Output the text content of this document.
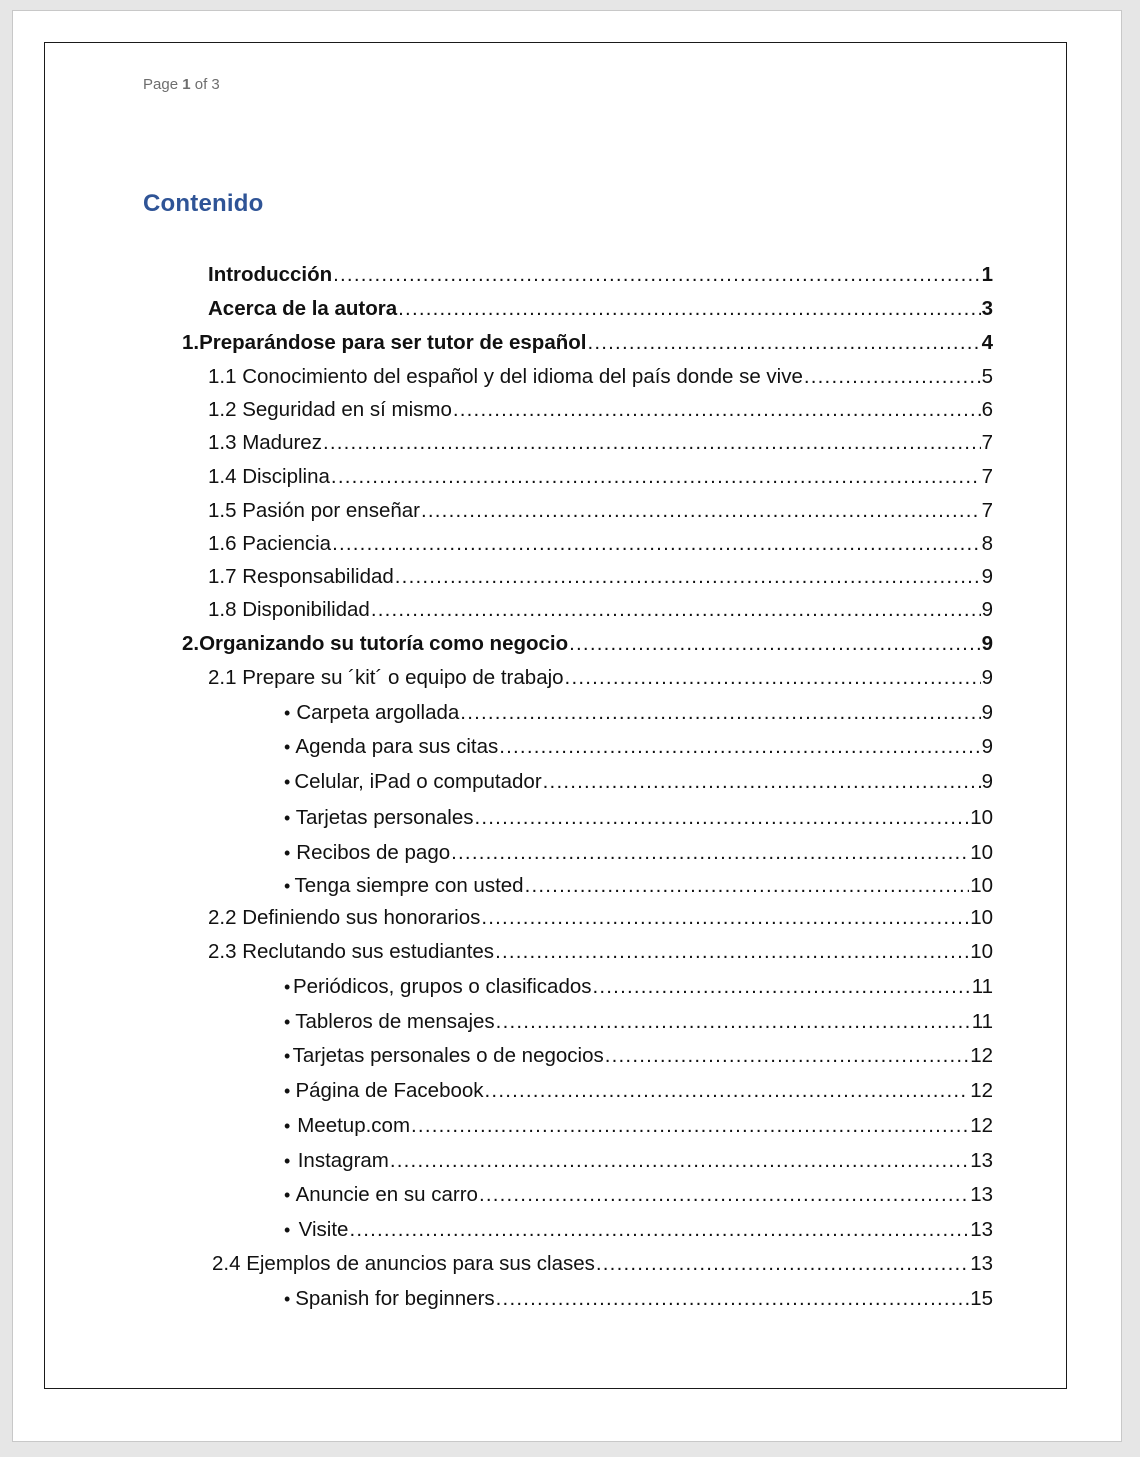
Page 1 of 3
Contenido
Introducción .....	1
Acerca de la autora .....	3
1. Preparándose para ser tutor de español .....	4
1.1 Conocimiento del español y del idioma del país donde se vive .....	5
1.2 Seguridad en sí mismo .....	6
1.3 Madurez .....	7
1.4 Disciplina .....	7
1.5 Pasión por enseñar .....	7
1.6 Paciencia .....	8
1.7 Responsabilidad .....	9
1.8 Disponibilidad .....	9
2. Organizando su tutoría como negocio .....	9
2.1 Prepare su ´kit´ o equipo de trabajo .....	9
• Carpeta argollada .....	9
• Agenda para sus citas .....	9
• Celular, iPad o computador .....	9
• Tarjetas personales .....	10
• Recibos de pago .....	10
• Tenga siempre con usted .....	10
2.2 Definiendo sus honorarios .....	10
2.3 Reclutando sus estudiantes .....	10
• Periódicos, grupos o clasificados .....	11
• Tableros de mensajes .....	11
• Tarjetas personales o de negocios .....	12
• Página de Facebook .....	12
• Meetup.com .....	12
• Instagram .....	13
• Anuncie en su carro .....	13
• Visite .....	13
2.4 Ejemplos de anuncios para sus clases .....	13
• Spanish for beginners .....	15
